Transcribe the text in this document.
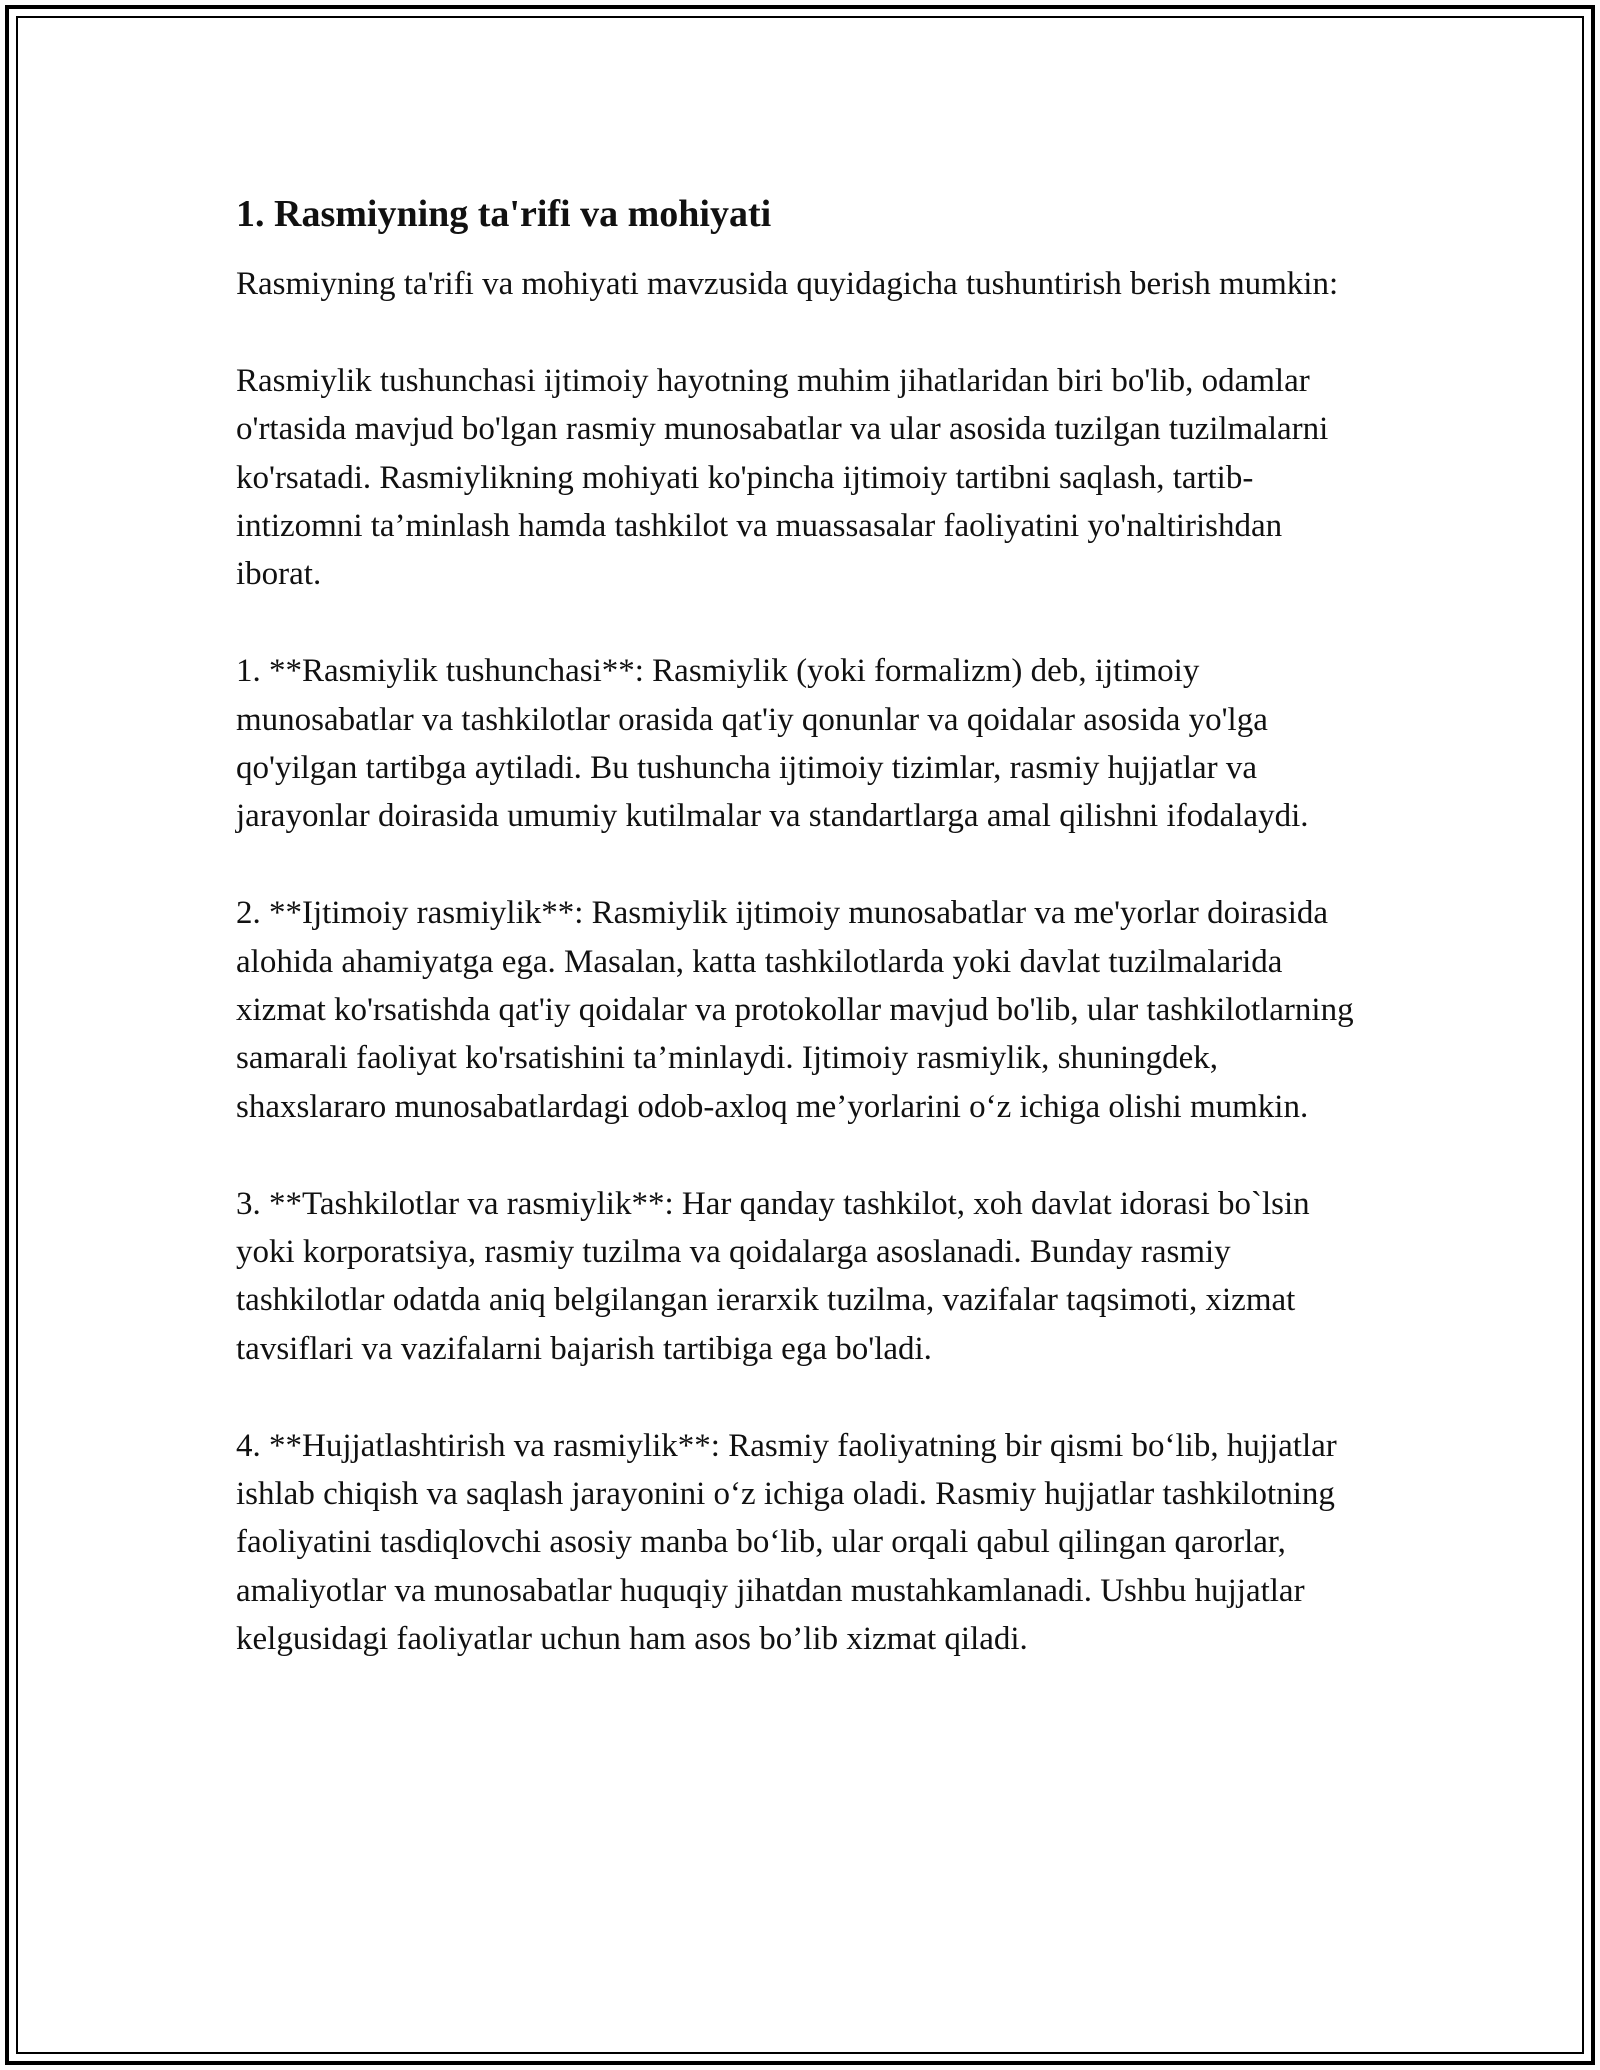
1. Rasmiyning ta'rifi va mohiyati

Rasmiyning ta'rifi va mohiyati mavzusida quyidagicha tushuntirish berish mumkin:

Rasmiylik tushunchasi ijtimoiy hayotning muhim jihatlaridan biri bo'lib, odamlar o'rtasida mavjud bo'lgan rasmiy munosabatlar va ular asosida tuzilgan tuzilmalarni ko'rsatadi. Rasmiylikning mohiyati ko'pincha ijtimoiy tartibni saqlash, tartib-intizomni ta’minlash hamda tashkilot va muassasalar faoliyatini yo'naltirishdan iborat.

1. **Rasmiylik tushunchasi**: Rasmiylik (yoki formalizm) deb, ijtimoiy munosabatlar va tashkilotlar orasida qat'iy qonunlar va qoidalar asosida yo'lga qo'yilgan tartibga aytiladi. Bu tushuncha ijtimoiy tizimlar, rasmiy hujjatlar va jarayonlar doirasida umumiy kutilmalar va standartlarga amal qilishni ifodalaydi.

2. **Ijtimoiy rasmiylik**: Rasmiylik ijtimoiy munosabatlar va me'yorlar doirasida alohida ahamiyatga ega. Masalan, katta tashkilotlarda yoki davlat tuzilmalarida xizmat ko'rsatishda qat'iy qoidalar va protokollar mavjud bo'lib, ular tashkilotlarning samarali faoliyat ko'rsatishini ta’minlaydi. Ijtimoiy rasmiylik, shuningdek, shaxslararo munosabatlardagi odob-axloq me’yorlarini o‘z ichiga olishi mumkin.

3. **Tashkilotlar va rasmiylik**: Har qanday tashkilot, xoh davlat idorasi bo`lsin yoki korporatsiya, rasmiy tuzilma va qoidalarga asoslanadi. Bunday rasmiy tashkilotlar odatda aniq belgilangan ierarxik tuzilma, vazifalar taqsimoti, xizmat tavsiflari va vazifalarni bajarish tartibiga ega bo'ladi.

4. **Hujjatlashtirish va rasmiylik**: Rasmiy faoliyatning bir qismi bo‘lib, hujjatlar ishlab chiqish va saqlash jarayonini o‘z ichiga oladi. Rasmiy hujjatlar tashkilotning faoliyatini tasdiqlovchi asosiy manba bo‘lib, ular orqali qabul qilingan qarorlar, amaliyotlar va munosabatlar huquqiy jihatdan mustahkamlanadi. Ushbu hujjatlar kelgusidagi faoliyatlar uchun ham asos bo’lib xizmat qiladi.
